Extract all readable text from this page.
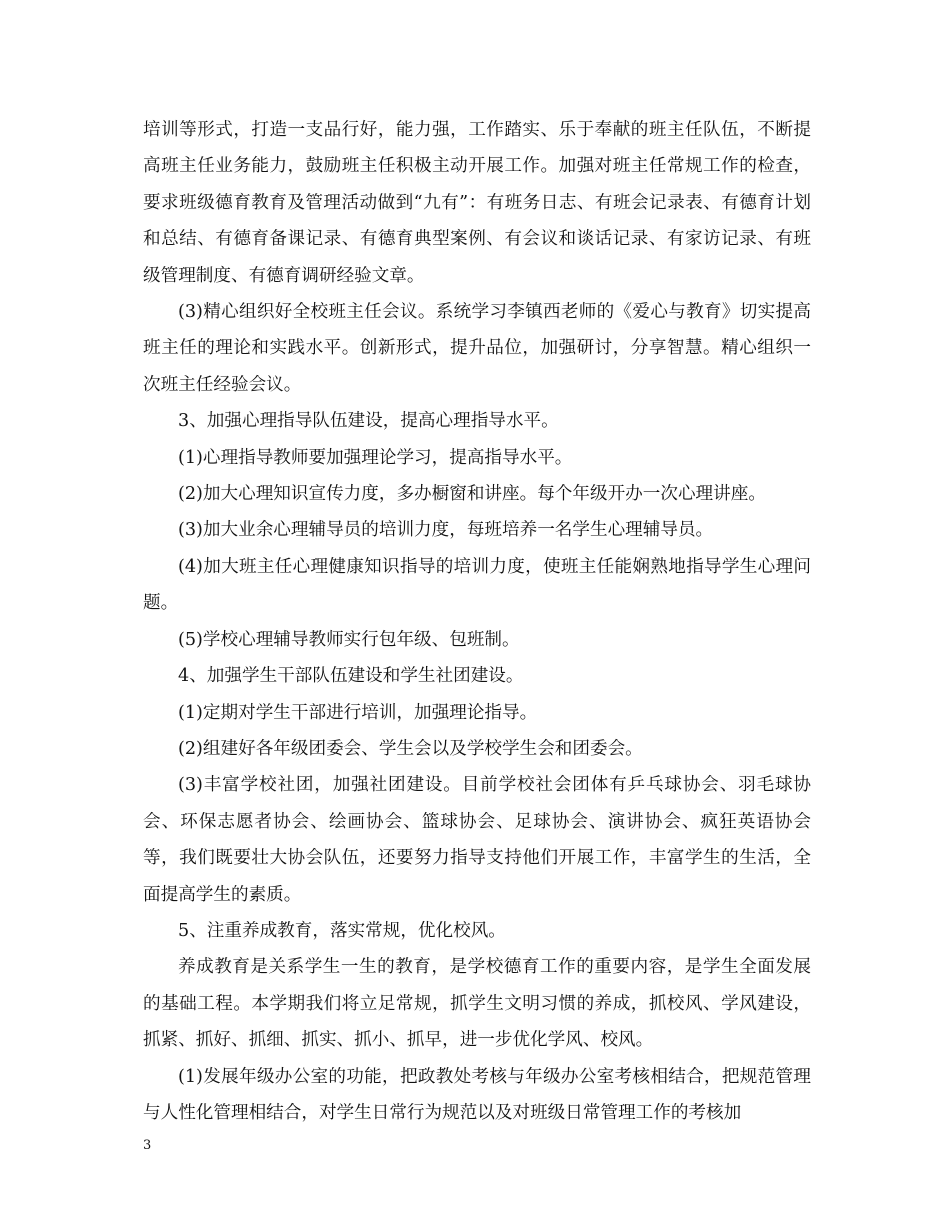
培训等形式，打造一支品行好，能力强，工作踏实、乐于奉献的班主任队伍，不断提高班主任业务能力，鼓励班主任积极主动开展工作。加强对班主任常规工作的检查，要求班级德育教育及管理活动做到“九有”：有班务日志、有班会记录表、有德育计划和总结、有德育备课记录、有德育典型案例、有会议和谈话记录、有家访记录、有班级管理制度、有德育调研经验文章。

(3)精心组织好全校班主任会议。系统学习李镇西老师的《爱心与教育》切实提高班主任的理论和实践水平。创新形式，提升品位，加强研讨，分享智慧。精心组织一次班主任经验会议。

3、加强心理指导队伍建设，提高心理指导水平。

(1)心理指导教师要加强理论学习，提高指导水平。

(2)加大心理知识宣传力度，多办橱窗和讲座。每个年级开办一次心理讲座。

(3)加大业余心理辅导员的培训力度，每班培养一名学生心理辅导员。

(4)加大班主任心理健康知识指导的培训力度，使班主任能娴熟地指导学生心理问题。

(5)学校心理辅导教师实行包年级、包班制。

4、加强学生干部队伍建设和学生社团建设。

(1)定期对学生干部进行培训，加强理论指导。

(2)组建好各年级团委会、学生会以及学校学生会和团委会。

(3)丰富学校社团，加强社团建设。目前学校社会团体有乒乓球协会、羽毛球协会、环保志愿者协会、绘画协会、篮球协会、足球协会、演讲协会、疯狂英语协会等，我们既要壮大协会队伍，还要努力指导支持他们开展工作，丰富学生的生活，全面提高学生的素质。

5、注重养成教育，落实常规，优化校风。

养成教育是关系学生一生的教育，是学校德育工作的重要内容，是学生全面发展的基础工程。本学期我们将立足常规，抓学生文明习惯的养成，抓校风、学风建设，抓紧、抓好、抓细、抓实、抓小、抓早，进一步优化学风、校风。

(1)发展年级办公室的功能，把政教处考核与年级办公室考核相结合，把规范管理与人性化管理相结合，对学生日常行为规范以及对班级日常管理工作的考核加

3
